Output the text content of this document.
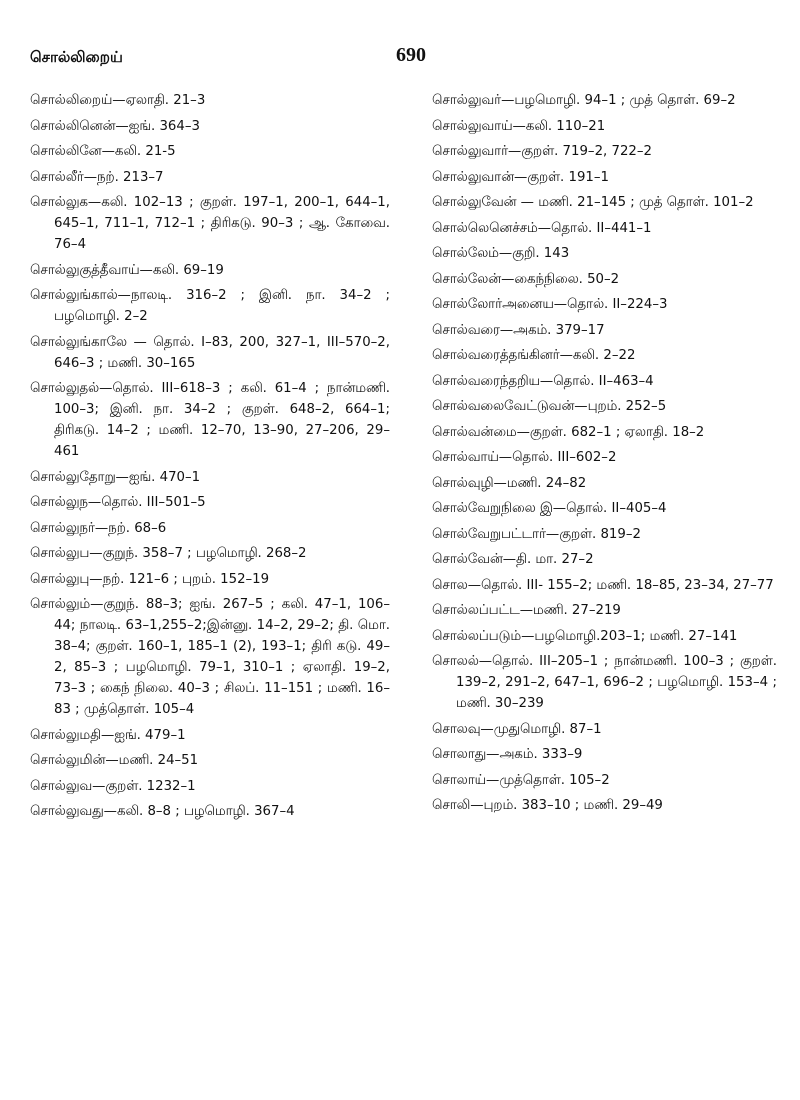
சொல்லிறைய்	690
சொல்லிறைய்—ஏலாதி. 21–3
சொல்லினென்—ஐங். 364–3
சொல்லினே—கலி. 21-5
சொல்லீர்—நற். 213–7
சொல்லுக—கலி. 102–13 ; குறள். 197–1, 200–1, 644–1, 645–1, 711–1, 712–1 ; திரிகடு. 90–3 ; ஆ. கோவை. 76–4
சொல்லுகுத்தீவாய்—கலி. 69–19
சொல்லுங்கால்—நாலடி. 316–2 ; இனி. நா. 34–2 ; பழமொழி. 2–2
சொல்லுங்காலே — தொல். I–83, 200, 327–1, III–570–2, 646–3 ; மணி. 30–165
சொல்லுதல்—தொல். III–618–3 ; கலி. 61–4 ; நான்மணி. 100–3; இனி. நா. 34–2 ; குறள். 648–2, 664–1; திரிகடு. 14–2 ; மணி. 12–70, 13–90, 27–206, 29–461
சொல்லுதோறு—ஐங். 470–1
சொல்லுந—தொல். III–501–5
சொல்லுநர்—நற். 68–6
சொல்லுப—குறுந். 358–7 ; பழமொழி. 268–2
சொல்லுபு—நற். 121–6 ; புறம். 152–19
சொல்லும்—குறுந். 88–3; ஐங். 267–5 ; கலி. 47–1, 106–44; நாலடி. 63–1,255–2;இன்னு. 14–2, 29–2; தி. மொ. 38–4; குறள். 160–1, 185–1 (2), 193–1; திரி கடு. 49–2, 85–3 ; பழமொழி. 79–1, 310–1 ; ஏலாதி. 19–2, 73–3 ; கைந் நிலை. 40–3 ; சிலப். 11–151 ; மணி. 16–83 ; முத்தொள். 105–4
சொல்லுமதி—ஐங். 479–1
சொல்லுமின்—மணி. 24–51
சொல்லுவ—குறள். 1232–1
சொல்லுவது—கலி. 8–8 ; பழமொழி. 367–4
சொல்லுவர்—பழமொழி. 94–1 ; முத் தொள். 69–2
சொல்லுவாய்—கலி. 110–21
சொல்லுவார்—குறள். 719–2, 722–2
சொல்லுவான்—குறள். 191–1
சொல்லுவேன் — மணி. 21–145 ; முத் தொள். 101–2
சொல்லெனெச்சம்—தொல். II–441–1
சொல்லேம்—குறி. 143
சொல்லேன்—கைந்நிலை. 50–2
சொல்லோர்அனைய—தொல். II–224–3
சொல்வரை—அகம். 379–17
சொல்வரைத்தங்கினர்—கலி. 2–22
சொல்வரைந்தறிய—தொல். II–463–4
சொல்வலைவேட்டுவன்—புறம். 252–5
சொல்வன்மை—குறள். 682–1 ; ஏலாதி. 18–2
சொல்வாய்—தொல். III–602–2
சொல்வுழி—மணி. 24–82
சொல்வேறுநிலை இ—தொல். II–405–4
சொல்வேறுபட்டார்—குறள். 819–2
சொல்வேன்—தி. மா. 27–2
சொல—தொல். III- 155–2; மணி. 18–85, 23–34, 27–77
சொல்லப்பட்ட—மணி. 27–219
சொல்லப்படும்—பழமொழி.203–1; மணி. 27–141
சொலல்—தொல். III–205–1 ; நான்மணி. 100–3 ; குறள். 139–2, 291–2, 647–1, 696–2 ; பழமொழி. 153–4 ; மணி. 30–239
சொலவு—முதுமொழி. 87–1
சொலாது—அகம். 333–9
சொலாய்—முத்தொள். 105–2
சொலி—புறம். 383–10 ; மணி. 29–49
